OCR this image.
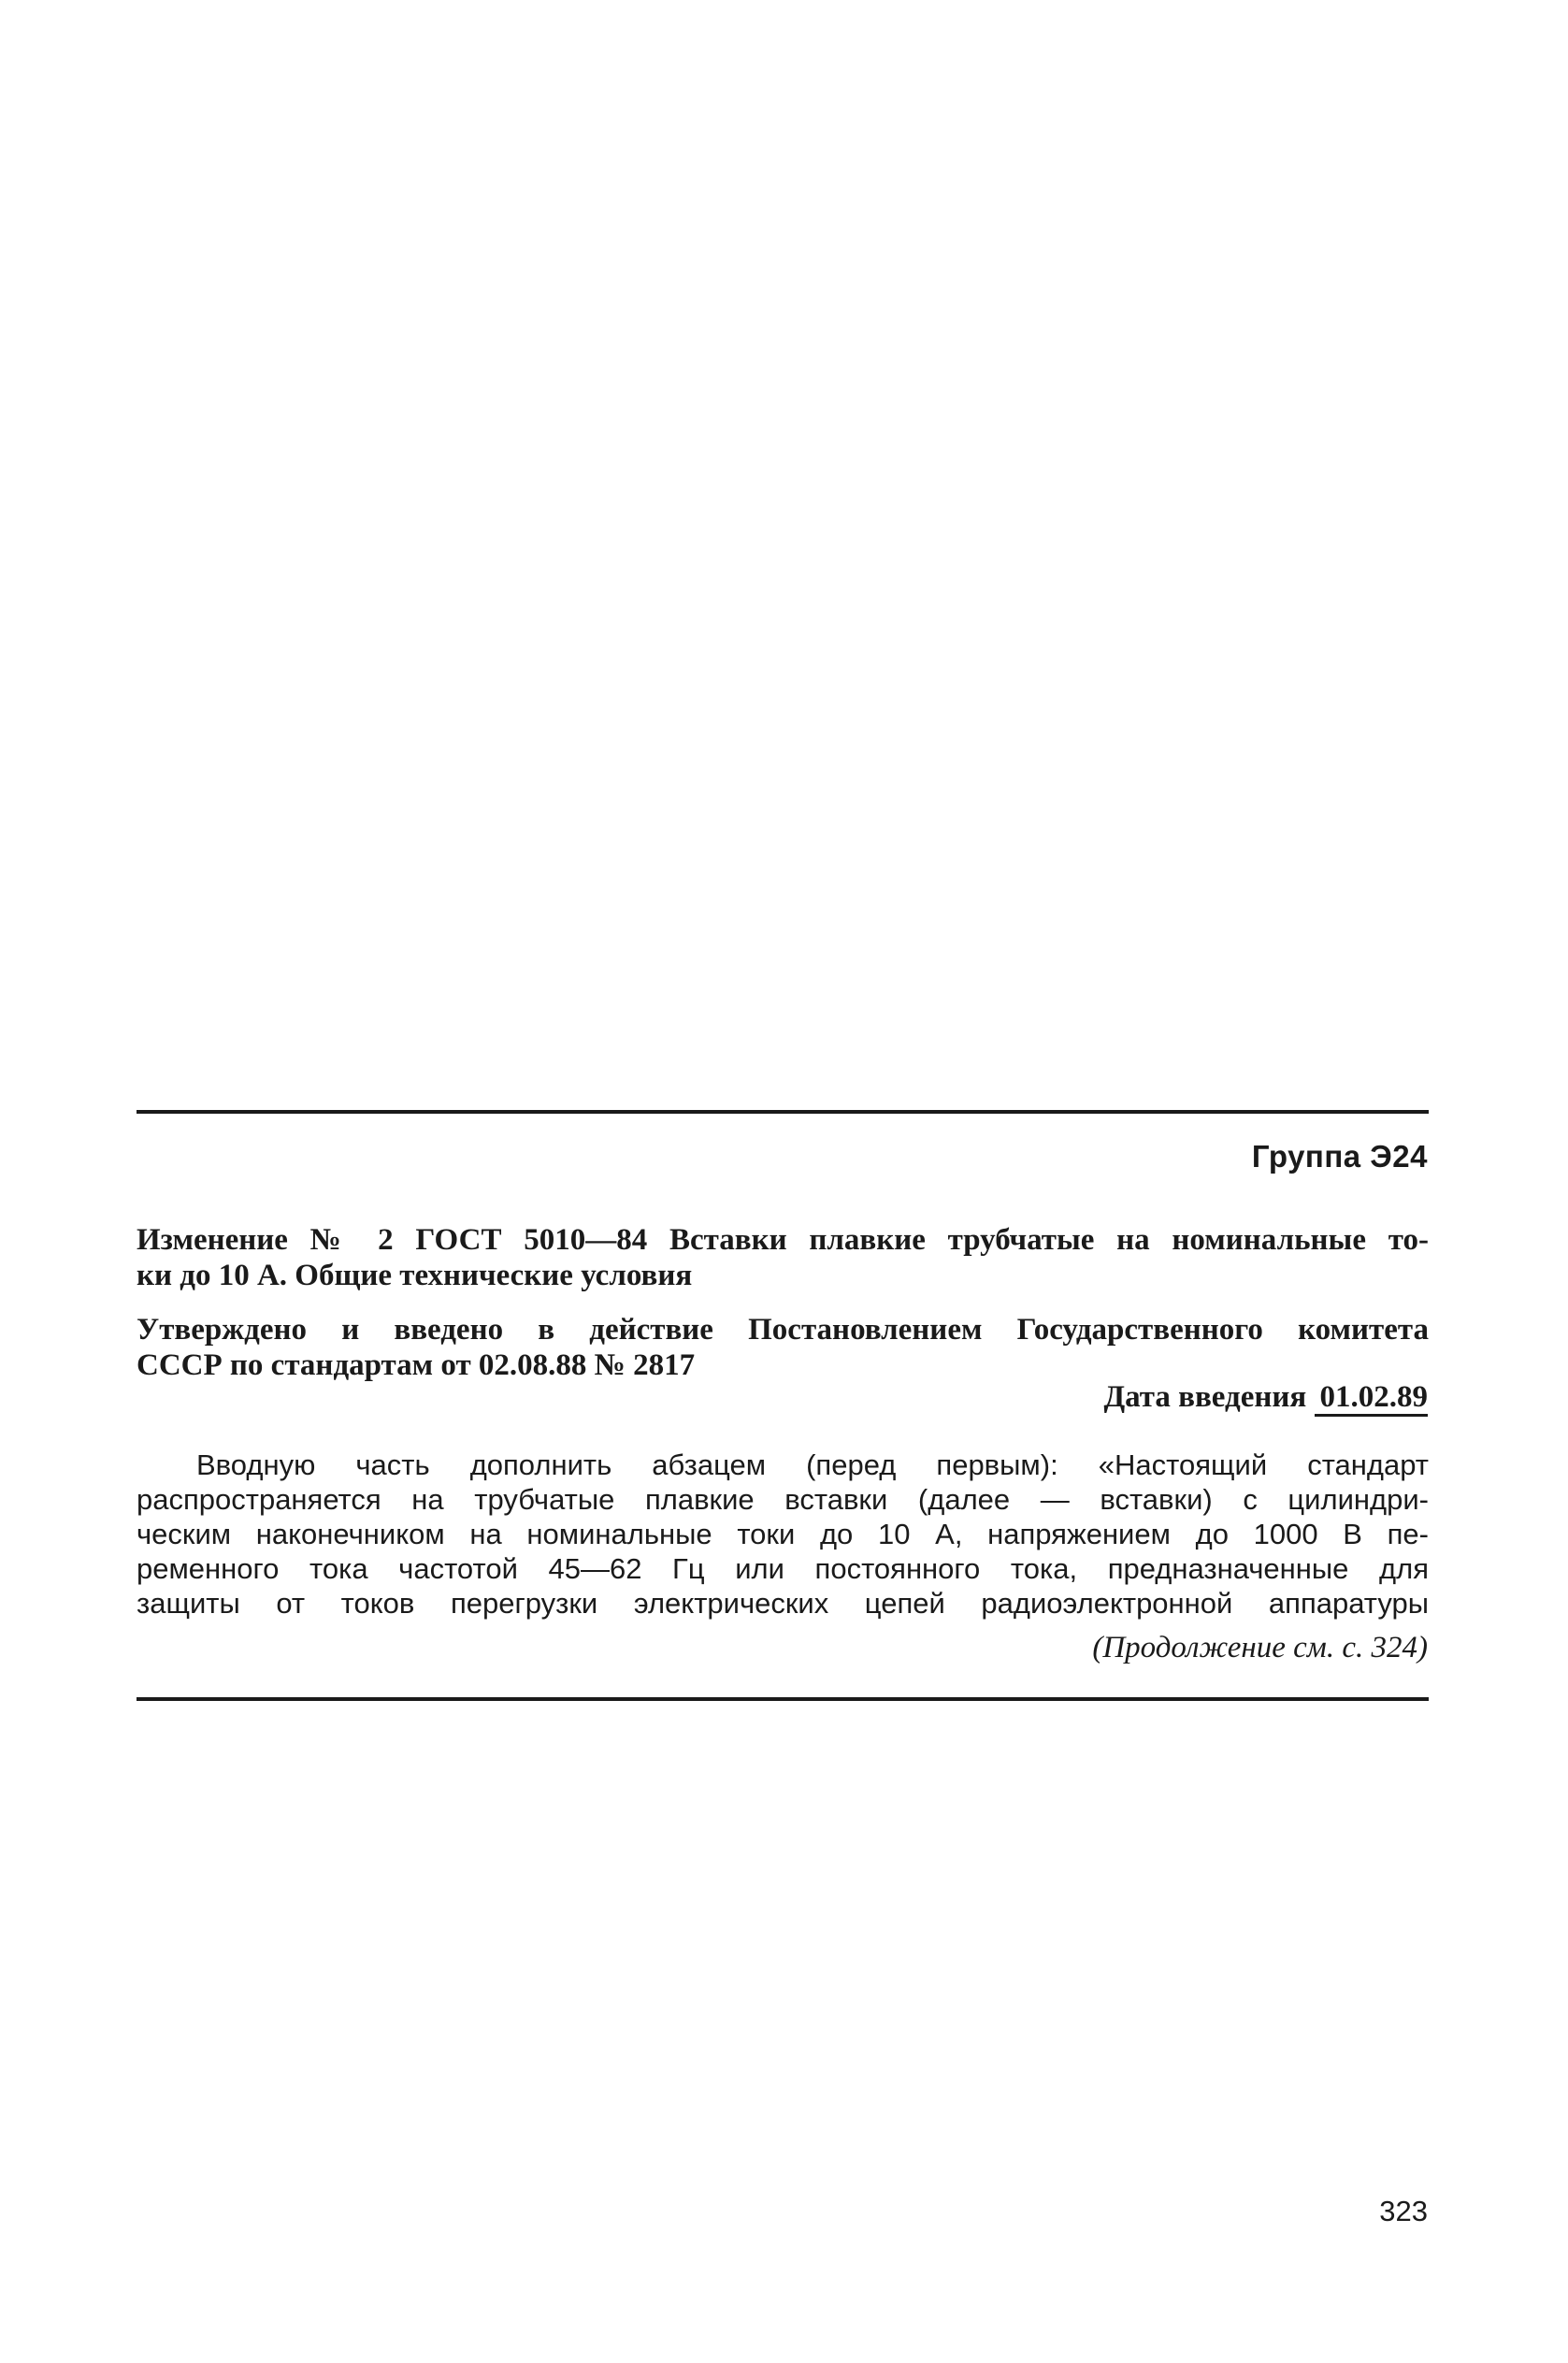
Группа Э24
Изменение № 2 ГОСТ 5010—84 Вставки плавкие трубчатые на номинальные то-
ки до 10 А. Общие технические условия
Утверждено и введено в действие Постановлением Государственного комитета
СССР по стандартам от 02.08.88 № 2817
Дата введения 01.02.89
Вводную часть дополнить абзацем (перед первым): «Настоящий стандарт
распространяется на трубчатые плавкие вставки (далее — вставки) с цилиндри-
ческим наконечником на номинальные токи до 10 А, напряжением до 1000 В пе-
ременного тока частотой 45—62 Гц или постоянного тока, предназначенные для
защиты от токов перегрузки электрических цепей радиоэлектронной аппаратуры
(Продолжение см. с. 324)
323
